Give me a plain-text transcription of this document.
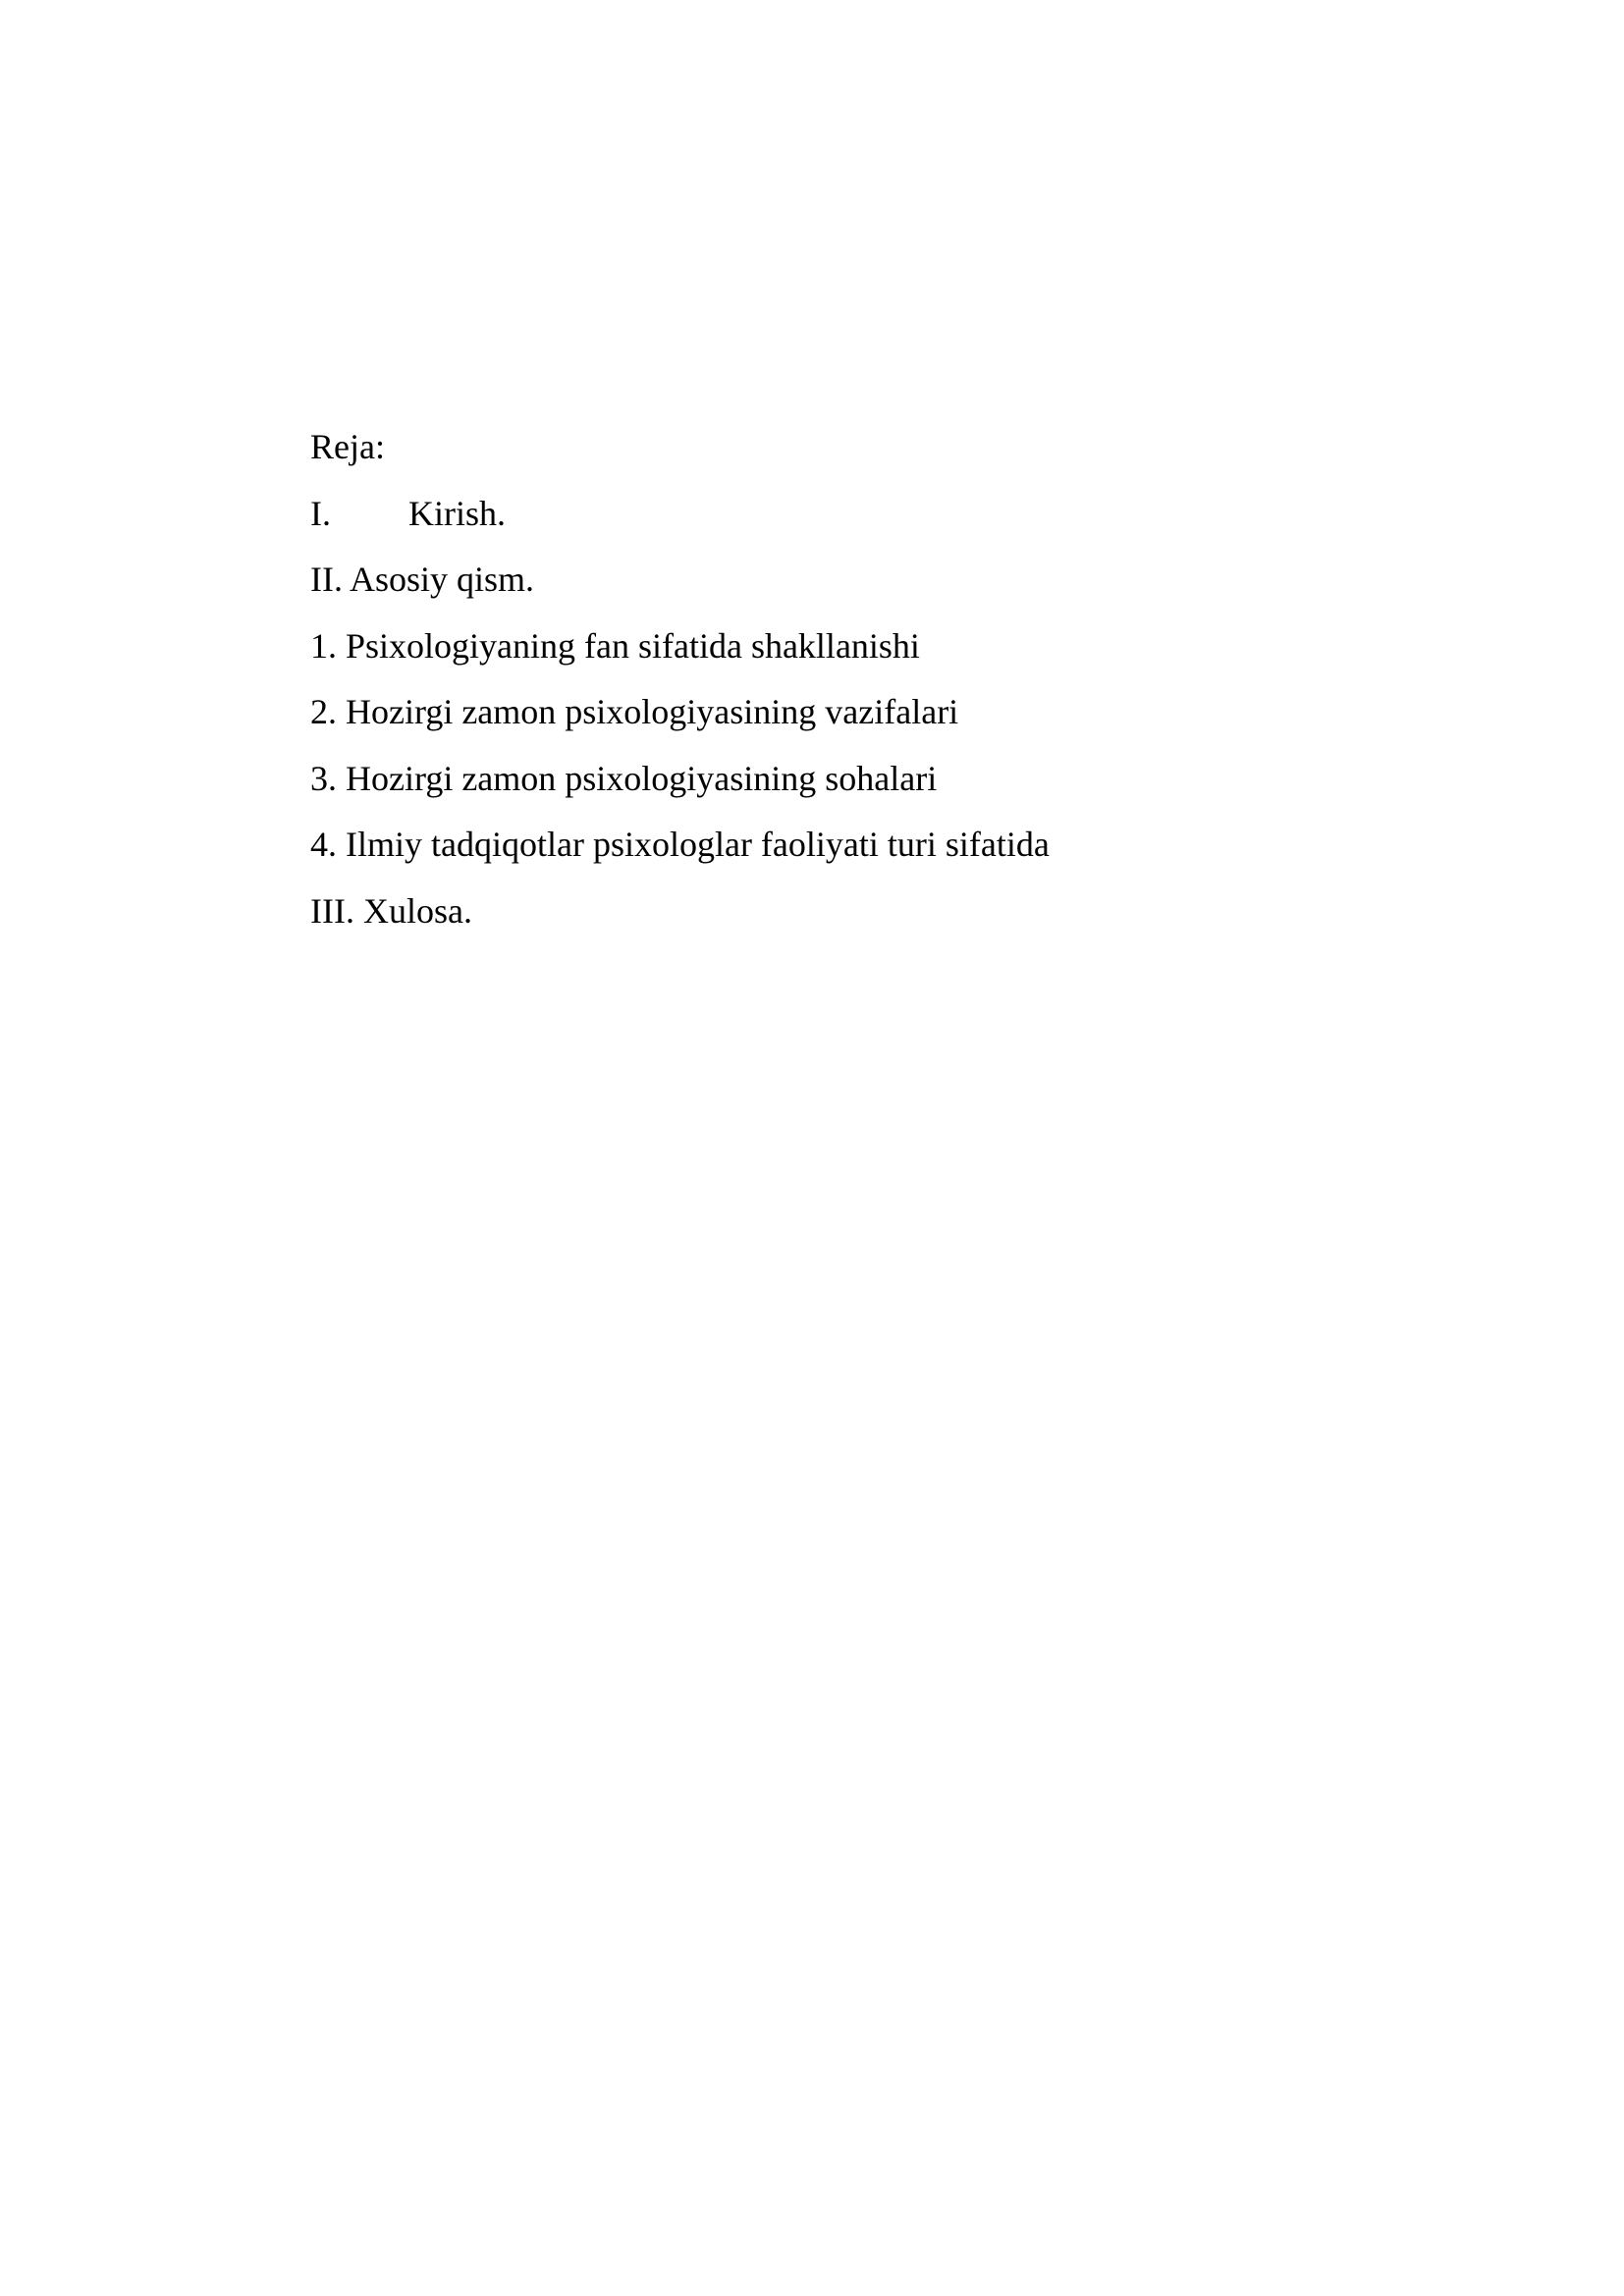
Reja:
I. Kirish.
II. Asosiy qism.
1. Psixologiyaning fan sifatida shakllanishi
2. Hozirgi zamon psixologiyasining vazifalari
3. Hozirgi zamon psixologiyasining sohalari
4. Ilmiy tadqiqotlar psixologlar faoliyati turi sifatida
III. Xulosa.
